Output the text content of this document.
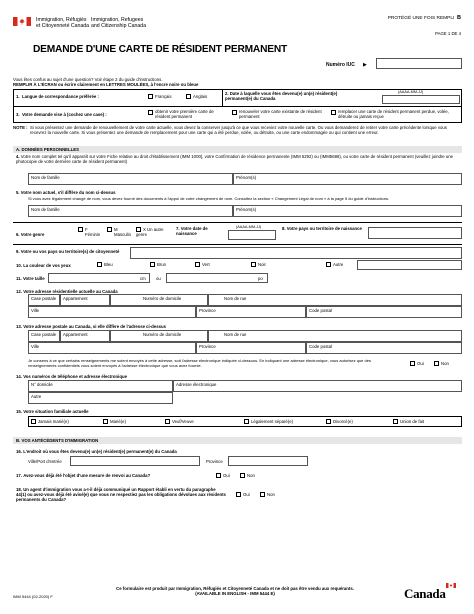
Immigration, Réfugiés
et Citoyenneté Canada
Immigration, Refugees
and Citizenship Canada
PROTÉGÉ UNE FOIS REMPLI B
PAGE 1 DE 4
DEMANDE D'UNE CARTE DE RÉSIDENT PERMANENT
Numéro IUC ▶
Vous êtes confus au sujet d'une question? Voir étape 2 du guide d'instructions.
REMPLIR À L'ÉCRAN ou écrire clairement en LETTRES MOULÉES, à l'encre noire ou bleue
1. Langue de correspondance préférée :	Français	Anglais
2. Date à laquelle vous êtes devenu(e) un(e) résident(e) permanent(e) du Canada
(AAAA-MM-JJ)
3. Votre demande vise à (cochez une case) :
obtenir votre première carte de résident permanent
renouveler votre carte existante de résident permanent
remplacer une carte de résident permanent perdue, volée, détruite ou jamais reçue
NOTE : Si vous présentez une demande de renouvellement de votre carte actuelle, vous devez la conserver jusqu'à ce que vous receviez votre nouvelle carte. Ou vous demanderez de retirer votre carte précédente lorsque vous recevrez la nouvelle carte. Si vous présentez une demande de remplacement pour une carte qui a été perdue, volée, ou détruite, ou une carte endommagée ou qui contient une erreur.
A. DONNÉES PERSONNELLES
4. Votre nom complet tel qu'il apparaît sur votre Fiche relative au droit d'établissement (IMM 1000), votre Confirmation de résidence permanente (IMM 5292) ou (IMM5688), ou votre carte de résident permanent (veuillez joindre une photocopie de votre dernière carte de résident permanent)
Nom de famille	Prénom(s)
5. Votre nom actuel, s'il diffère du nom ci-dessus
Si vous avez légalement changé de nom, vous devez fournir des documents à l'appui de votre changement de nom. Consultez la section « Changement Légal de nom » à la page 5 du guide d'instructions.
Nom de famille	Prénom(s)
6. Votre genre
F
Féminin
M
Masculin
X Un autre genre
7. Votre date de naissance
(AAAA-MM-JJ)	8. Votre pays ou territoire de naissance
9. Votre ou vos pays ou territoire(s) de citoyenneté
10. La couleur de vos yeux	Bleu	Brun	Vert	Noir	Autre
11. Votre taille	cm ou	po
12. Votre adresse résidentielle actuelle au Canada
Case postale Appartement	Numéro de domicile	Nom de rue
Ville	Province	Code postal
13. Votre adresse postale au Canada, si elle diffère de l'adresse ci-dessus
Case postale Appartement	Numéro de domicile	Nom de rue
Ville	Province	Code postal
Je consens à ce que certains renseignements me soient envoyés à cette adresse, soit l'adresse électronique indiquée ci-dessous. En indiquant une adresse électronique, vous autorisez que des renseignements confidentiels vous soient envoyés à l'adresse électronique que vous avez fournie.	Oui	Non
14. Vos numéros de téléphone et adresse électronique
N° domicile	Adresse électronique
Autre
15. Votre situation familiale actuelle
Jamais marié(e)	Marié(e)	Veuf/Veuve	Légalement séparé(e)	Divorcé(e)	Union de fait
B. VOS ANTÉCÉDENTS D'IMMIGRATION
16. L'endroit où vous êtes devenu(e) un(e) résident(e) permanent(e) du Canada
Ville/Port d'entrée	Province
17. Avez-vous déjà été l'objet d'une mesure de renvoi au Canada?	Oui	Non
18. Un agent d'immigration vous a-t-il déjà communiqué un Rapport établi en vertu du paragraphe 44(1) ou avez-vous déjà été avisé(e) que vous ne respectiez pas les obligations dévolues aux résidents permanents du Canada?
Oui	Non
IMM 5444 (02-2020) F
Ce formulaire est produit par Immigration, Réfugiés et Citoyenneté Canada et ne doit pas être vendu aux requérants.
(AVAILABLE IN ENGLISH - IMM 5444 E)	Canada
